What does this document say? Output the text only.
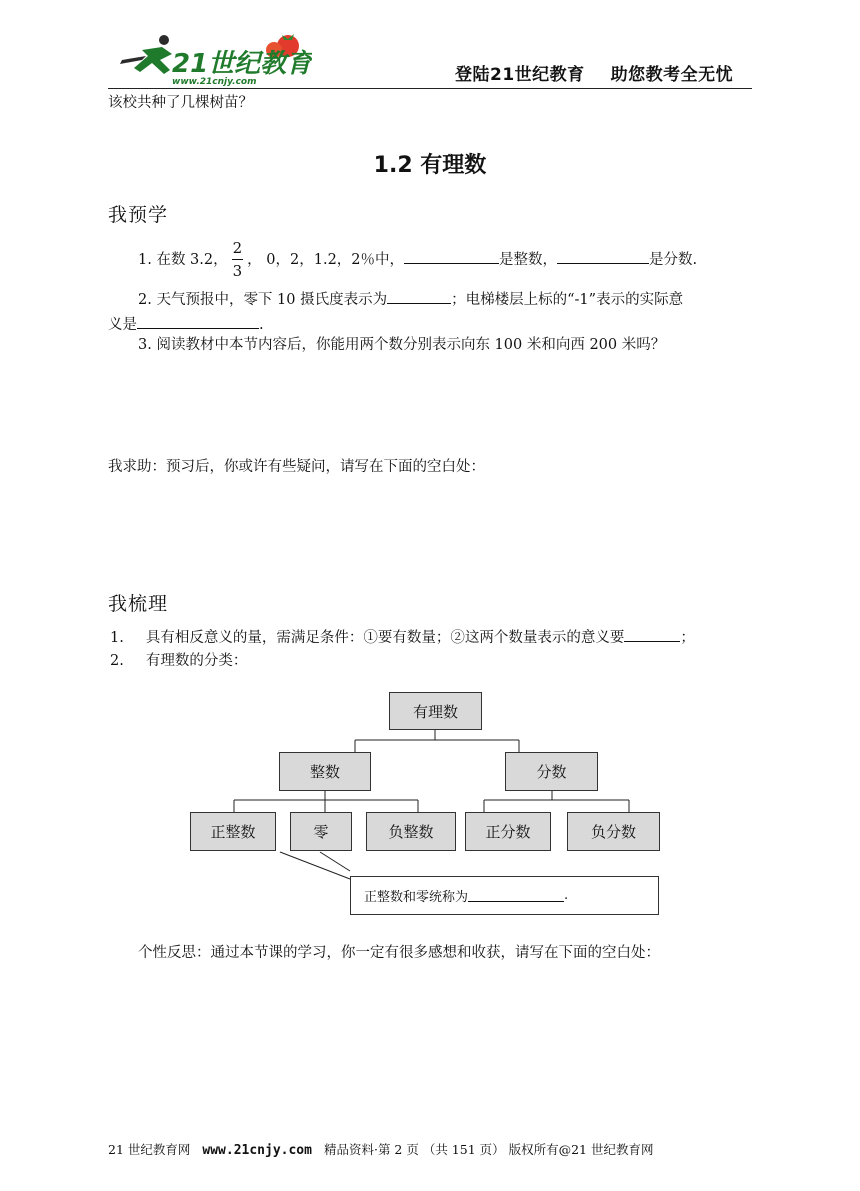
21世纪教育
www.21cnjy.com	登陆21世纪教育 助您教考全无忧
该校共种了几棵树苗？
1.2 有理数
我预学
1. 在数 3.2， $\frac{2}{3}$ ， 0，2，1.2，2％中，	是整数，	是分数.
2. 天气预报中，零下 10 摄氏度表示为	；电梯楼层上标的“-1”表示的实际意
义是	.
3. 阅读教材中本节内容后，你能用两个数分别表示向东 100 米和向西 200 米吗？
我求助：预习后，你或许有些疑问，请写在下面的空白处：
我梳理
1. 具有相反意义的量，需满足条件：①要有数量；②这两个数量表示的意义要	；
2. 有理数的分类：
有理数
整数	分数
正整数	零	负整数	正分数	负分数
正整数和零统称为	.
个性反思：通过本节课的学习，你一定有很多感想和收获，请写在下面的空白处：
21 世纪教育网 www.21cnjy.com 精品资料·第 2 页 （共 151 页） 版权所有@21 世纪教育网
